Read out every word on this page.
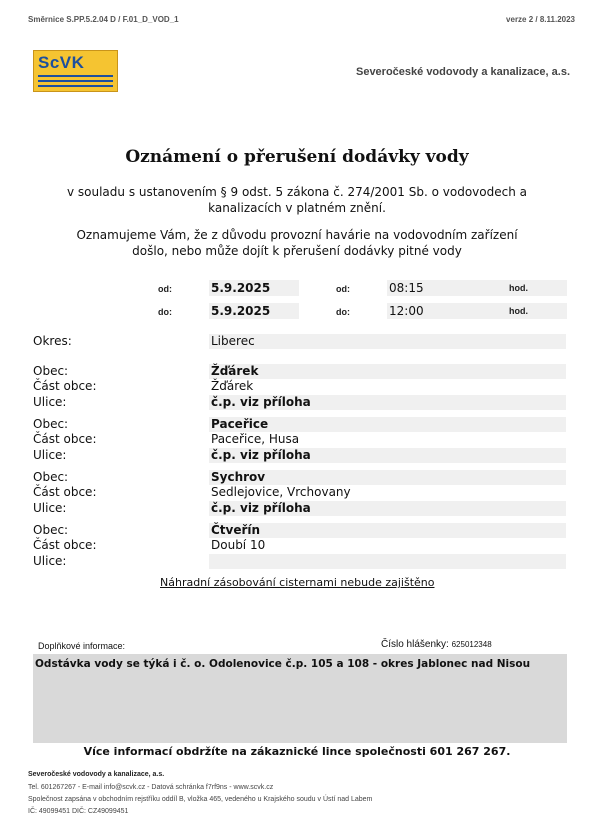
Směrnice S.PP.5.2.04 D / F.01_D_VOD_1	verze 2 / 8.11.2023
ScVK	Severočeské vodovody a kanalizace, a.s.
Oznámení o přerušení dodávky vody
v souladu s ustanovením § 9 odst. 5 zákona č. 274/2001 Sb. o vodovodech a
kanalizacích v platném znění.
Oznamujeme Vám, že z důvodu provozní havárie na vodovodním zařízení
došlo, nebo může dojít k přerušení dodávky pitné vody
od:	5.9.2025	od:	08:15	hod.
do:	5.9.2025	do:	12:00	hod.
Okres:	Liberec
Obec:	Žďárek
Část obce:	Žďárek
Ulice:	č.p. viz příloha
Obec:	Paceřice
Část obce:	Paceřice, Husa
Ulice:	č.p. viz příloha
Obec:	Sychrov
Část obce:	Sedlejovice, Vrchovany
Ulice:	č.p. viz příloha
Obec:	Čtveřín
Část obce:	Doubí 10
Ulice:
Náhradní zásobování cisternami nebude zajištěno
Doplňkové informace:	Číslo hlášenky: 625012348
Odstávka vody se týká i č. o. Odolenovice č.p. 105 a 108 - okres Jablonec nad Nisou
Více informací obdržíte na zákaznické lince společnosti 601 267 267.
Severočeské vodovody a kanalizace, a.s.
Tel. 601267267 - E-mail info@scvk.cz - Datová schránka f7rf9ns - www.scvk.cz
Společnost zapsána v obchodním rejstříku oddíl B, vložka 465, vedeného u Krajského soudu v Ústí nad Labem
IČ: 49099451 DIČ: CZ49099451
